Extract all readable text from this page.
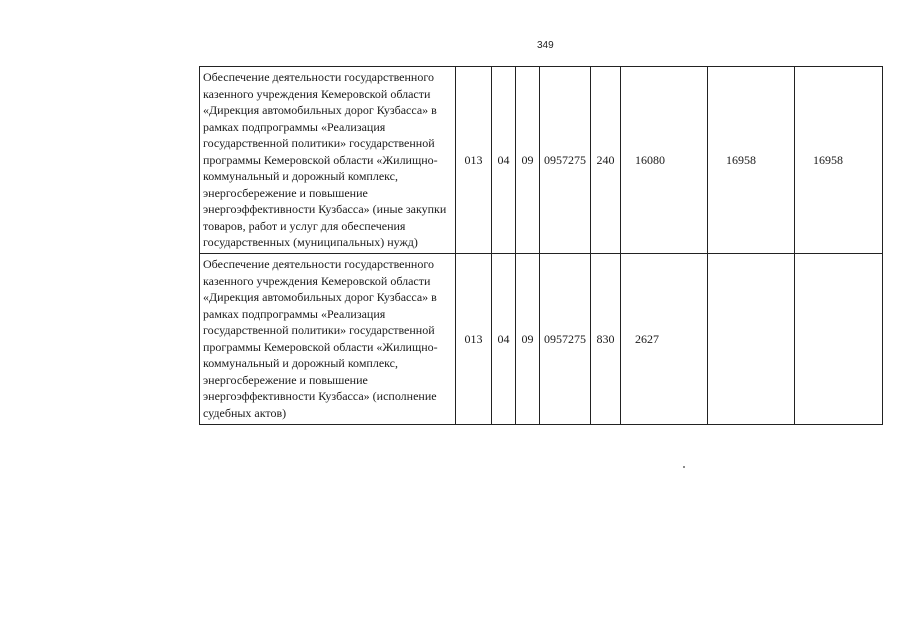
349
Обеспечение деятельности государственного казенного учреждения Кемеровской области «Дирекция автомобильных дорог Кузбасса» в рамках подпрограммы «Реализация государственной политики» государственной программы Кемеровской области «Жилищно-коммунальный и дорожный комплекс, энергосбережение и повышение энергоэффективности Кузбасса» (иные закупки товаров, работ и услуг для обеспечения государственных (муниципальных) нужд)	013	04	09	0957275	240	16080	16958	16958
Обеспечение деятельности государственного казенного учреждения Кемеровской области «Дирекция автомобильных дорог Кузбасса» в рамках подпрограммы «Реализация государственной политики» государственной программы Кемеровской области «Жилищно-коммунальный и дорожный комплекс, энергосбережение и повышение энергоэффективности Кузбасса» (исполнение судебных актов)	013	04	09	0957275	830	2627		
